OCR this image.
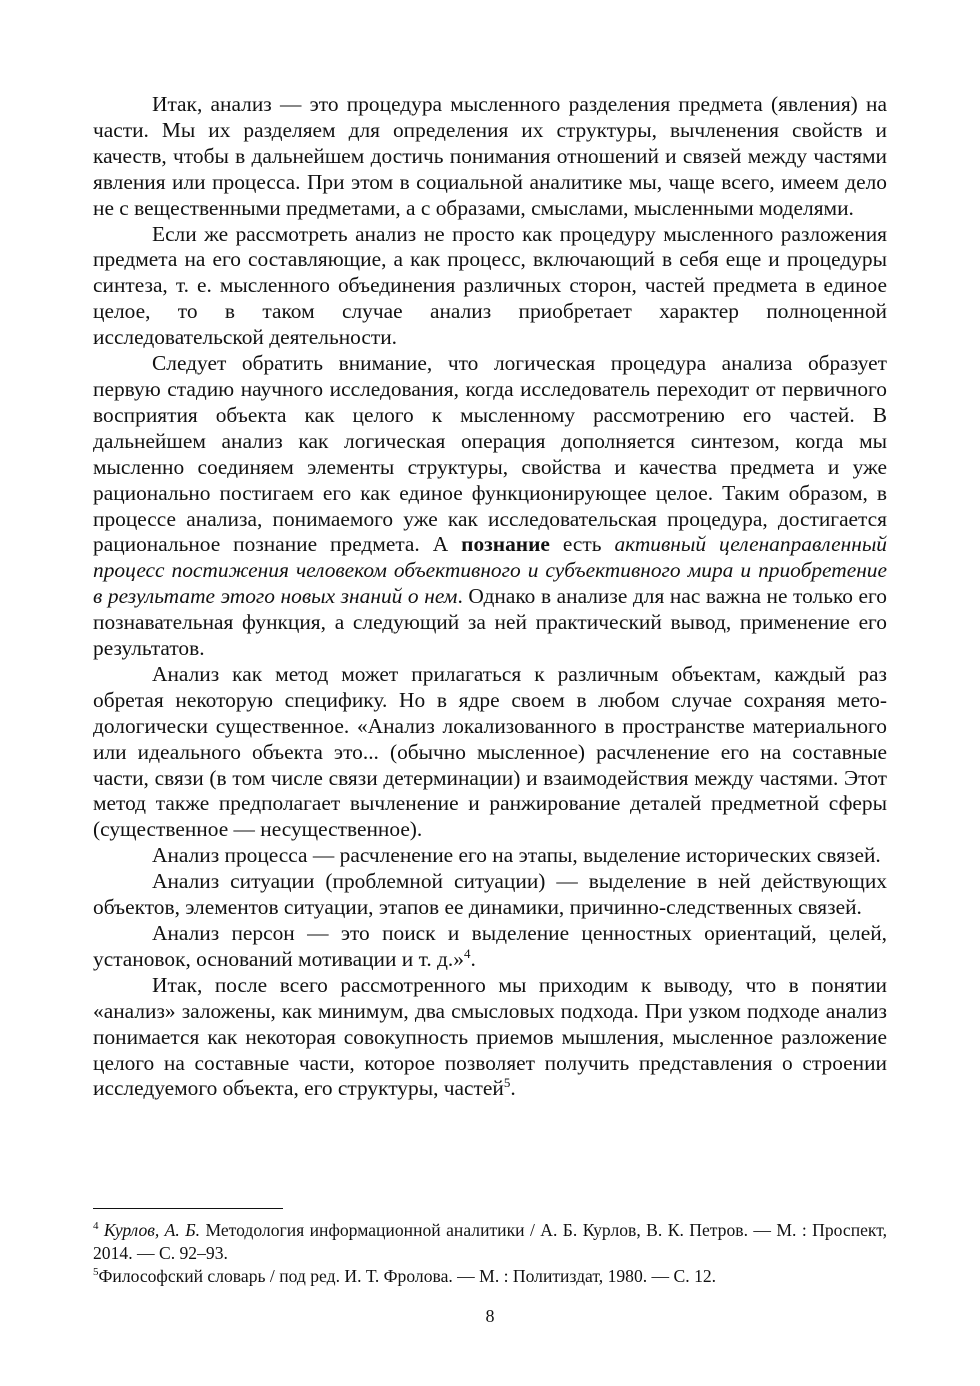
Итак, анализ — это процедура мысленного разделения предмета (явления) на части. Мы их разделяем для определения их структуры, вычленения свойств и качеств, чтобы в дальнейшем достичь понимания отношений и связей между частями явления или процесса. При этом в социальной аналитике мы, чаще всего, имеем дело не с вещественными предметами, а с образами, смыслами, мысленными моделями.

Если же рассмотреть анализ не просто как процедуру мысленного разложения предмета на его составляющие, а как процесс, включающий в себя еще и процедуры синтеза, т. е. мысленного объединения различных сторон, частей предмета в единое целое, то в таком случае анализ приобретает характер полноценной исследовательской деятельности.

Следует обратить внимание, что логическая процедура анализа образует первую стадию научного исследования, когда исследователь переходит от первичного восприятия объекта как целого к мысленному рассмотрению его частей. В дальнейшем анализ как логическая операция дополняется синтезом, когда мы мысленно соединяем элементы структуры, свойства и качества предмета и уже рационально постигаем его как единое функционирующее целое. Таким образом, в процессе анализа, понимаемого уже как исследовательская процедура, достигается рациональное познание предмета. А познание есть активный целенаправленный процесс постижения человеком объективного и субъективного мира и приобретение в результате этого новых знаний о нем. Однако в анализе для нас важна не только его познавательная функция, а следующий за ней практический вывод, применение его результатов.

Анализ как метод может прилагаться к различным объектам, каждый раз обретая некоторую специфику. Но в ядре своем в любом случае сохраняя методологически существенное. «Анализ локализованного в пространстве материального или идеального объекта это... (обычно мысленное) расчленение его на составные части, связи (в том числе связи детерминации) и взаимодействия между частями. Этот метод также предполагает вычленение и ранжирование деталей предметной сферы (существенное — несущественное).

Анализ процесса — расчленение его на этапы, выделение исторических связей.

Анализ ситуации (проблемной ситуации) — выделение в ней действующих объектов, элементов ситуации, этапов ее динамики, причинно-следственных связей.

Анализ персон — это поиск и выделение ценностных ориентаций, целей, установок, оснований мотивации и т. д.»$^4$.

Итак, после всего рассмотренного мы приходим к выводу, что в понятии «анализ» заложены, как минимум, два смысловых подхода. При узком подходе анализ понимается как некоторая совокупность приемов мышления, мысленное разложение целого на составные части, которое позволяет получить представления о строении исследуемого объекта, его структуры, частей$^5$.

$^4$ Курлов, А. Б. Методология информационной аналитики / А. Б. Курлов, В. К. Петров. — М. : Проспект, 2014. — С. 92–93.

$^5$Философский словарь / под ред. И. Т. Фролова. — М. : Политиздат, 1980. — С. 12.

8
